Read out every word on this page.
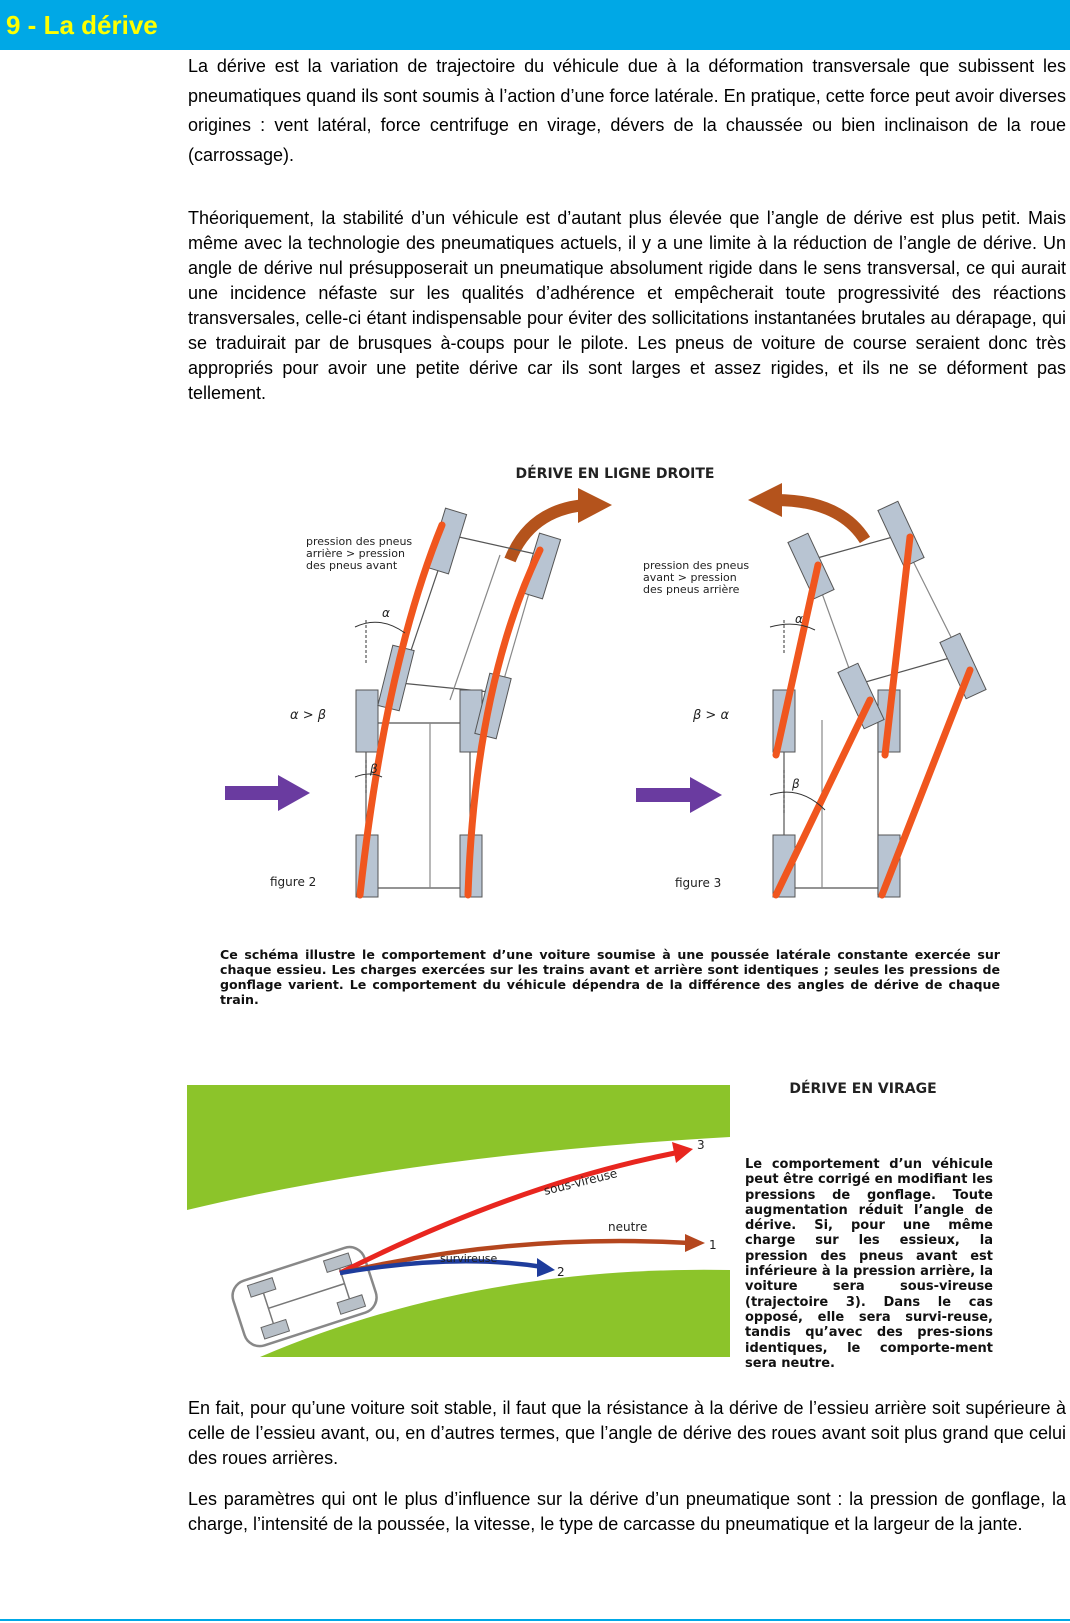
9 - La dérive

La dérive est la variation de trajectoire du véhicule due à la déformation transversale que subissent les pneumatiques quand ils sont soumis à l’action d’une force latérale. En pratique, cette force peut avoir diverses origines : vent latéral, force centrifuge en virage, dévers de la chaussée ou bien inclinaison de la roue (carrossage).

Théoriquement, la stabilité d’un véhicule est d’autant plus élevée que l’angle de dérive est plus petit. Mais même avec la technologie des pneumatiques actuels, il y a une limite à la réduction de l’angle de dérive. Un angle de dérive nul présupposerait un pneumatique absolument rigide dans le sens transversal, ce qui aurait une incidence néfaste sur les qualités d’adhérence et empêcherait toute progressivité des réactions transversales, celle-ci étant indispensable pour éviter des sollicitations instantanées brutales au dérapage, qui se traduirait par de brusques à-coups pour le pilote. Les pneus de voiture de course seraient donc très appropriés pour avoir une petite dérive car ils sont larges et assez rigides, et ils ne se déforment pas tellement.

DÉRIVE EN LIGNE DROITE
pression des pneus arrière > pression des pneus avant
α
β
α > β
figure 2
pression des pneus avant > pression des pneus arrière
α
β
β > α
figure 3
Ce schéma illustre le comportement d’une voiture soumise à une poussée latérale constante exercée sur chaque essieu. Les charges exercées sur les trains avant et arrière sont identiques ; seules les pressions de gonflage varient. Le comportement du véhicule dépendra de la différence des angles de dérive de chaque train.
sous-vireuse
3
neutre
1
survireuse
2
DÉRIVE EN VIRAGE
Le comportement d’un véhicule peut être corrigé en modifiant les pressions de gonflage. Toute augmentation réduit l’angle de dérive. Si, pour une même charge sur les essieux, la pression des pneus avant est inférieure à la pression arrière, la voiture sera sous-vireuse (trajectoire 3). Dans le cas opposé, elle sera survi-reuse, tandis qu’avec des pres-sions identiques, le comporte-ment sera neutre.

En fait, pour qu’une voiture soit stable, il faut que la résistance à la dérive de l’essieu arrière soit supérieure à celle de l’essieu avant, ou, en d’autres termes, que l’angle de dérive des roues avant soit plus grand que celui des roues arrières.

Les paramètres qui ont le plus d’influence sur la dérive d’un pneumatique sont : la pression de gonflage, la charge, l’intensité de la poussée, la vitesse, le type de carcasse du pneumatique et la largeur de la jante.
